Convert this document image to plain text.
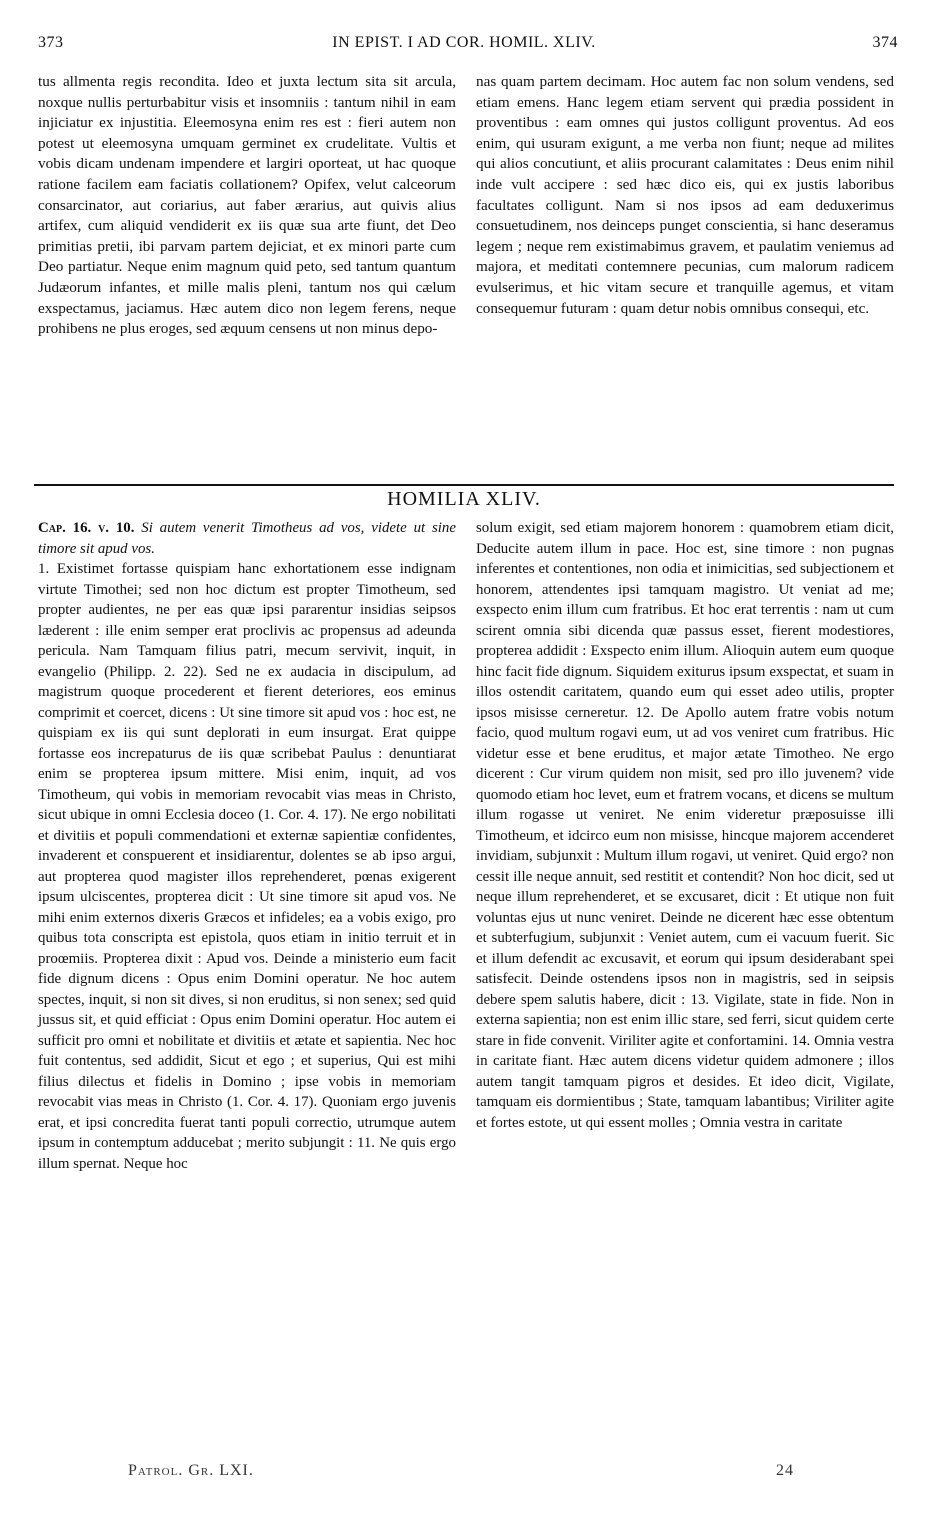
373	IN EPIST. I AD COR. HOMIL. XLIV.	374

tus allmenta regis recondita. Ideo et juxta lectum sita sit arcula, noxque nullis perturbabitur visis et insomniis : tantum nihil in eam injiciatur ex injustitia. Eleemosyna enim res est : fieri autem non potest ut eleemosyna umquam germinet ex crudelitate. Vultis et vobis dicam undenam impendere et largiri oporteat, ut hac quoque ratione facilem eam faciatis collationem? Opifex, velut calceorum consarcinator, aut coriarius, aut faber ærarius, aut quivis alius artifex, cum aliquid vendiderit ex iis quæ sua arte fiunt, det Deo primitias pretii, ibi parvam partem dejiciat, et ex minori parte cum Deo partiatur. Neque enim magnum quid peto, sed tantum quantum Judæorum infantes, et mille malis pleni, tantum nos qui cælum exspectamus, jaciamus. Hæc autem dico non legem ferens, neque prohibens ne plus eroges, sed æquum censens ut non minus depo-

nas quam partem decimam. Hoc autem fac non solum vendens, sed etiam emens. Hanc legem etiam servent qui prædia possident in proventibus : eam omnes qui justos colligunt proventus. Ad eos enim, qui usuram exigunt, a me verba non fiunt; neque ad milites qui alios concutiunt, et aliis procurant calamitates : Deus enim nihil inde vult accipere : sed hæc dico eis, qui ex justis laboribus facultates colligunt. Nam si nos ipsos ad eam deduxerimus consuetudinem, nos deinceps punget conscientia, si hanc deseramus legem ; neque rem existimabimus gravem, et paulatim veniemus ad majora, et meditati contemnere pecunias, cum malorum radicem evulserimus, et hic vitam secure et tranquille agemus, et vitam consequemur futuram : quam detur nobis omnibus consequi, etc.

HOMILIA XLIV.

Cap. 16. v. 10. Si autem venerit Timotheus ad vos, videte ut sine timore sit apud vos.

1. Existimet fortasse quispiam hanc exhortationem esse indignam virtute Timothei; sed non hoc dictum est propter Timotheum, sed propter audientes, ne per eas quæ ipsi pararentur insidias seipsos læderent : ille enim semper erat proclivis ac propensus ad adeunda pericula. Nam Tamquam filius patri, mecum servivit, inquit, in evangelio (Philipp. 2. 22). Sed ne ex audacia in discipulum, ad magistrum quoque procederent et fierent deteriores, eos eminus comprimit et coercet, dicens : Ut sine timore sit apud vos : hoc est, ne quispiam ex iis qui sunt deplorati in eum insurgat. Erat quippe fortasse eos increpaturus de iis quæ scribebat Paulus : denuntiarat enim se propterea ipsum mittere. Misi enim, inquit, ad vos Timotheum, qui vobis in memoriam revocabit vias meas in Christo, sicut ubique in omni Ecclesia doceo (1. Cor. 4. 17). Ne ergo nobilitati et divitiis et populi commendationi et externæ sapientiæ confidentes, invaderent et conspuerent et insidiarentur, dolentes se ab ipso argui, aut propterea quod magister illos reprehenderet, pœnas exigerent ipsum ulciscentes, propterea dicit : Ut sine timore sit apud vos. Ne mihi enim externos dixeris Græcos et infideles; ea a vobis exigo, pro quibus tota conscripta est epistola, quos etiam in initio terruit et in proœmiis. Propterea dixit : Apud vos. Deinde a ministerio eum facit fide dignum dicens : Opus enim Domini operatur. Ne hoc autem spectes, inquit, si non sit dives, si non eruditus, si non senex; sed quid jussus sit, et quid efficiat : Opus enim Domini operatur. Hoc autem ei sufficit pro omni et nobilitate et divitiis et ætate et sapientia. Nec hoc fuit contentus, sed addidit, Sicut et ego ; et superius, Qui est mihi filius dilectus et fidelis in Domino ; ipse vobis in memoriam revocabit vias meas in Christo (1. Cor. 4. 17). Quoniam ergo juvenis erat, et ipsi concredita fuerat tanti populi correctio, utrumque autem ipsum in contemptum adducebat ; merito subjungit : 11. Ne quis ergo illum spernat. Neque hoc

solum exigit, sed etiam majorem honorem : quamobrem etiam dicit, Deducite autem illum in pace. Hoc est, sine timore : non pugnas inferentes et contentiones, non odia et inimicitias, sed subjectionem et honorem, attendentes ipsi tamquam magistro. Ut veniat ad me; exspecto enim illum cum fratribus. Et hoc erat terrentis : nam ut cum scirent omnia sibi dicenda quæ passus esset, fierent modestiores, propterea addidit : Exspecto enim illum. Alioquin autem eum quoque hinc facit fide dignum. Siquidem exiturus ipsum exspectat, et suam in illos ostendit caritatem, quando eum qui esset adeo utilis, propter ipsos misisse cerneretur. 12. De Apollo autem fratre vobis notum facio, quod multum rogavi eum, ut ad vos veniret cum fratribus. Hic videtur esse et bene eruditus, et major ætate Timotheo. Ne ergo dicerent : Cur virum quidem non misit, sed pro illo juvenem? vide quomodo etiam hoc levet, eum et fratrem vocans, et dicens se multum illum rogasse ut veniret. Ne enim videretur præposuisse illi Timotheum, et idcirco eum non misisse, hincque majorem accenderet invidiam, subjunxit : Multum illum rogavi, ut veniret. Quid ergo? non cessit ille neque annuit, sed restitit et contendit? Non hoc dicit, sed ut neque illum reprehenderet, et se excusaret, dicit : Et utique non fuit voluntas ejus ut nunc veniret. Deinde ne dicerent hæc esse obtentum et subterfugium, subjunxit : Veniet autem, cum ei vacuum fuerit. Sic et illum defendit ac excusavit, et eorum qui ipsum desiderabant spei satisfecit. Deinde ostendens ipsos non in magistris, sed in seipsis debere spem salutis habere, dicit : 13. Vigilate, state in fide. Non in externa sapientia; non est enim illic stare, sed ferri, sicut quidem certe stare in fide convenit. Viriliter agite et confortamini. 14. Omnia vestra in caritate fiant. Hæc autem dicens videtur quidem admonere ; illos autem tangit tamquam pigros et desides. Et ideo dicit, Vigilate, tamquam eis dormientibus ; State, tamquam labantibus; Viriliter agite et fortes estote, ut qui essent molles ; Omnia vestra in caritate

Patrol. Gr. LXI.	24
